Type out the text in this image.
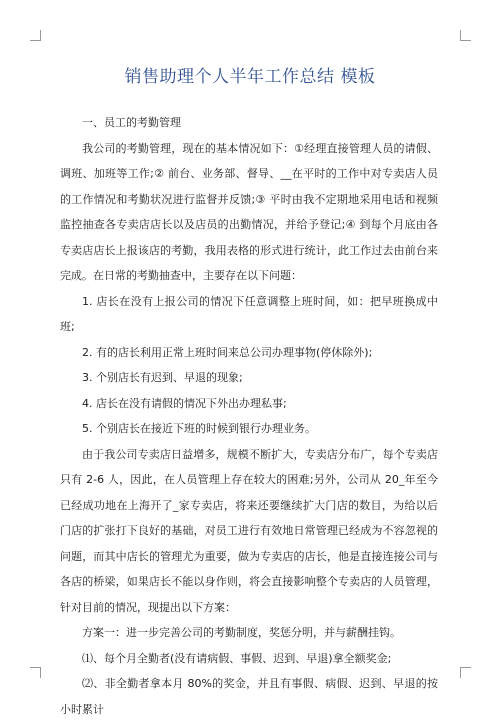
销售助理个人半年工作总结 模板

一、员工的考勤管理

我公司的考勤管理，现在的基本情况如下：①经理直接管理人员的请假、调班、加班等工作;② 前台、业务部、督导、__在平时的工作中对专卖店人员的工作情况和考勤状况进行监督并反馈;③ 平时由我不定期地采用电话和视频监控抽查各专卖店店长以及店员的出勤情况，并给予登记;④ 到每个月底由各专卖店店长上报该店的考勤，我用表格的形式进行统计，此工作过去由前台来完成。在日常的考勤抽查中，主要存在以下问题：

1. 店长在没有上报公司的情况下任意调整上班时间，如：把早班换成中班;

2. 有的店长利用正常上班时间来总公司办理事物(停休除外);

3. 个别店长有迟到、早退的现象;

4. 店长在没有请假的情况下外出办理私事;

5. 个别店长在接近下班的时候到银行办理业务。

由于我公司专卖店日益增多，规模不断扩大，专卖店分布广，每个专卖店只有 2-6 人，因此，在人员管理上存在较大的困难;另外，公司从 20_年至今已经成功地在上海开了_家专卖店，将来还要继续扩大门店的数目，为给以后门店的扩张打下良好的基础，对员工进行有效地日常管理已经成为不容忽视的问题，而其中店长的管理尤为重要，做为专卖店的店长，他是直接连接公司与各店的桥梁，如果店长不能以身作则，将会直接影响整个专卖店的人员管理，针对目前的情况，现提出以下方案：

方案一：进一步完善公司的考勤制度，奖惩分明，并与薪酬挂钩。

⑴、每个月全勤者(没有请病假、事假、迟到、早退)拿全额奖金;

⑵、非全勤者拿本月 80%的奖金，并且有事假、病假、迟到、早退的按小时累计
